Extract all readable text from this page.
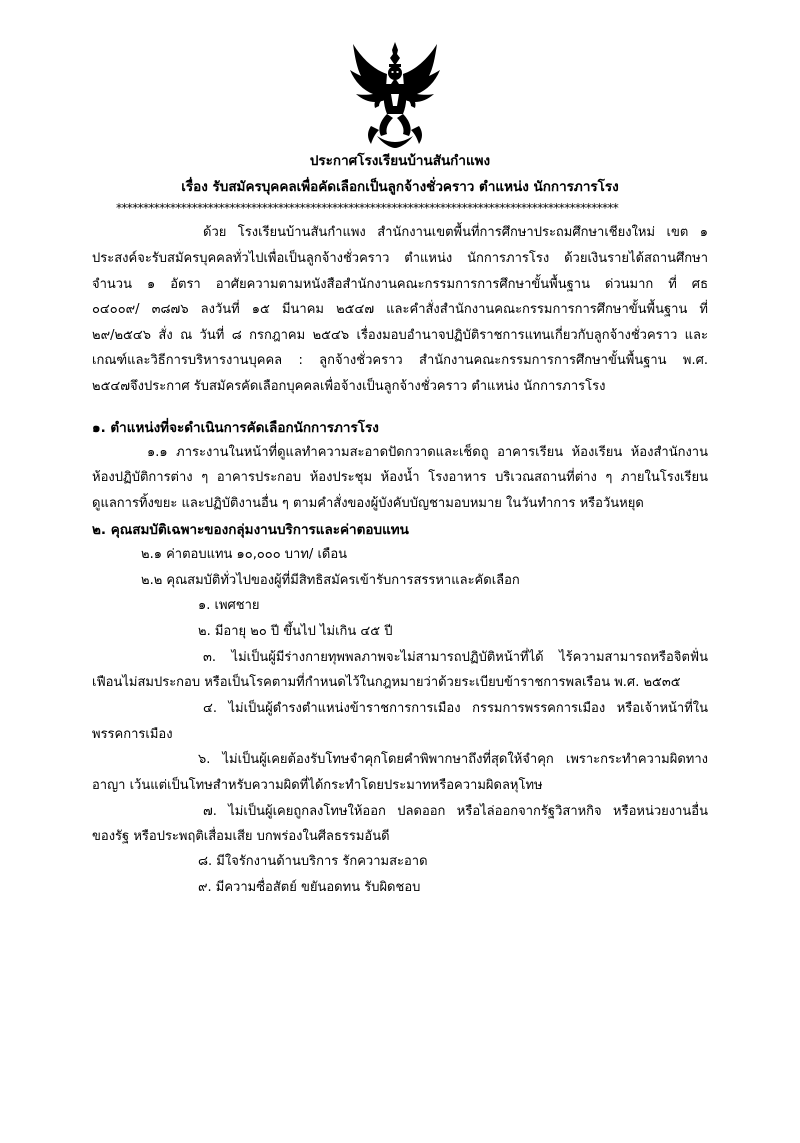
ประกาศโรงเรียนบ้านสันกำแพง
เรื่อง รับสมัครบุคคลเพื่อคัดเลือกเป็นลูกจ้างชั่วคราว ตำแหน่ง นักการภารโรง
*********************************************************************************************
ด้วย โรงเรียนบ้านสันกำแพง สำนักงานเขตพื้นที่การศึกษาประถมศึกษาเชียงใหม่ เขต ๑
ประสงค์จะรับสมัครบุคคลทั่วไปเพื่อเป็นลูกจ้างชั่วคราว ตำแหน่ง นักการภารโรง ด้วยเงินรายได้สถานศึกษา
จำนวน ๑ อัตรา อาศัยความตามหนังสือสำนักงานคณะกรรมการการศึกษาขั้นพื้นฐาน ด่วนมาก ที่ ศธ
๐๔๐๐๙/ ๓๘๗๖ ลงวันที่ ๑๕ มีนาคม ๒๕๔๗ และคำสั่งสำนักงานคณะกรรมการการศึกษาขั้นพื้นฐาน ที่
๒๙/๒๕๔๖ สั่ง ณ วันที่ ๘ กรกฎาคม ๒๕๔๖ เรื่องมอบอำนาจปฏิบัติราชการแทนเกี่ยวกับลูกจ้างชั่วคราว และ
เกณฑ์และวิธีการบริหารงานบุคคล : ลูกจ้างชั่วคราว สำนักงานคณะกรรมการการศึกษาขั้นพื้นฐาน พ.ศ.
๒๕๔๗จึงประกาศ รับสมัครคัดเลือกบุคคลเพื่อจ้างเป็นลูกจ้างชั่วคราว ตำแหน่ง นักการภารโรง
๑. ตำแหน่งที่จะดำเนินการคัดเลือกนักการภารโรง
๑.๑ ภาระงานในหน้าที่ดูแลทำความสะอาดปัดกวาดและเช็ดถู อาคารเรียน ห้องเรียน ห้องสำนักงาน
ห้องปฏิบัติการต่าง ๆ อาคารประกอบ ห้องประชุม ห้องน้ำ โรงอาหาร บริเวณสถานที่ต่าง ๆ ภายในโรงเรียน
ดูแลการทิ้งขยะ และปฏิบัติงานอื่น ๆ ตามคำสั่งของผู้บังคับบัญชามอบหมาย ในวันทำการ หรือวันหยุด
๒. คุณสมบัติเฉพาะของกลุ่มงานบริการและค่าตอบแทน
๒.๑ ค่าตอบแทน ๑๐,๐๐๐ บาท/ เดือน
๒.๒ คุณสมบัติทั่วไปของผู้ที่มีสิทธิสมัครเข้ารับการสรรหาและคัดเลือก
๑. เพศชาย
๒. มีอายุ ๒๐ ปี ขึ้นไป ไม่เกิน ๔๕ ปี
๓. ไม่เป็นผู้มีร่างกายทุพพลภาพจะไม่สามารถปฏิบัติหน้าที่ได้ ไร้ความสามารถหรือจิตฟั่น
เฟือนไม่สมประกอบ หรือเป็นโรคตามที่กำหนดไว้ในกฎหมายว่าด้วยระเบียบข้าราชการพลเรือน พ.ศ. ๒๕๓๕
๔. ไม่เป็นผู้ดำรงตำแหน่งข้าราชการการเมือง กรรมการพรรคการเมือง หรือเจ้าหน้าที่ใน
พรรคการเมือง
๖. ไม่เป็นผู้เคยต้องรับโทษจำคุกโดยคำพิพากษาถึงที่สุดให้จำคุก เพราะกระทำความผิดทาง
อาญา เว้นแต่เป็นโทษสำหรับความผิดที่ได้กระทำโดยประมาทหรือความผิดลหุโทษ
๗. ไม่เป็นผู้เคยถูกลงโทษให้ออก ปลดออก หรือไล่ออกจากรัฐวิสาหกิจ หรือหน่วยงานอื่น
ของรัฐ หรือประพฤติเสื่อมเสีย บกพร่องในศีลธรรมอันดี
๘. มีใจรักงานด้านบริการ รักความสะอาด
๙. มีความซื่อสัตย์ ขยันอดทน รับผิดชอบ
